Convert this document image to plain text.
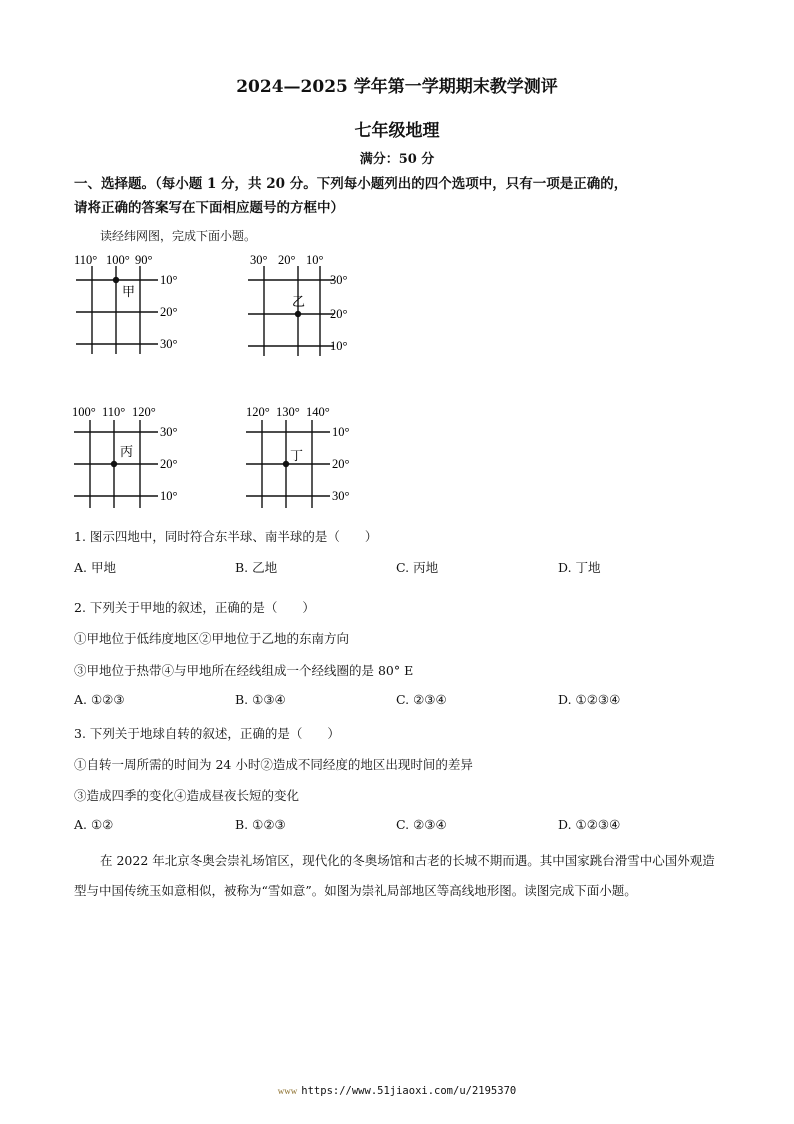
2024—2025 学年第一学期期末教学测评
七年级地理
满分：50 分
一、选择题。（每小题 1 分，共 20 分。下列每小题列出的四个选项中，只有一项是正确的，
请将正确的答案写在下面相应题号的方框中）
读经纬网图，完成下面小题。
110° 100° 90°
甲
10°
20°
30°
30° 20° 10°
乙
30°
20°
10°
100° 110° 120°
丙
30°
20°
10°
120° 130° 140°
丁
10°
20°
30°
1. 图示四地中，同时符合东半球、南半球的是（　　）
A. 甲地	B. 乙地	C. 丙地	D. 丁地
2. 下列关于甲地的叙述，正确的是（　　）
①甲地位于低纬度地区②甲地位于乙地的东南方向
③甲地位于热带④与甲地所在经线组成一个经线圈的是 80° E
A. ①②③	B. ①③④	C. ②③④	D. ①②③④
3. 下列关于地球自转的叙述，正确的是（　　）
①自转一周所需的时间为 24 小时②造成不同经度的地区出现时间的差异
③造成四季的变化④造成昼夜长短的变化
A. ①②	B. ①②③	C. ②③④	D. ①②③④
在 2022 年北京冬奥会崇礼场馆区，现代化的冬奥场馆和古老的长城不期而遇。其中国家跳台滑雪中心国外观造型与中国传统玉如意相似，被称为“雪如意”。如图为崇礼局部地区等高线地形图。读图完成下面小题。
ᴡᴡᴡ https://www.51jiaoxi.com/u/2195370
